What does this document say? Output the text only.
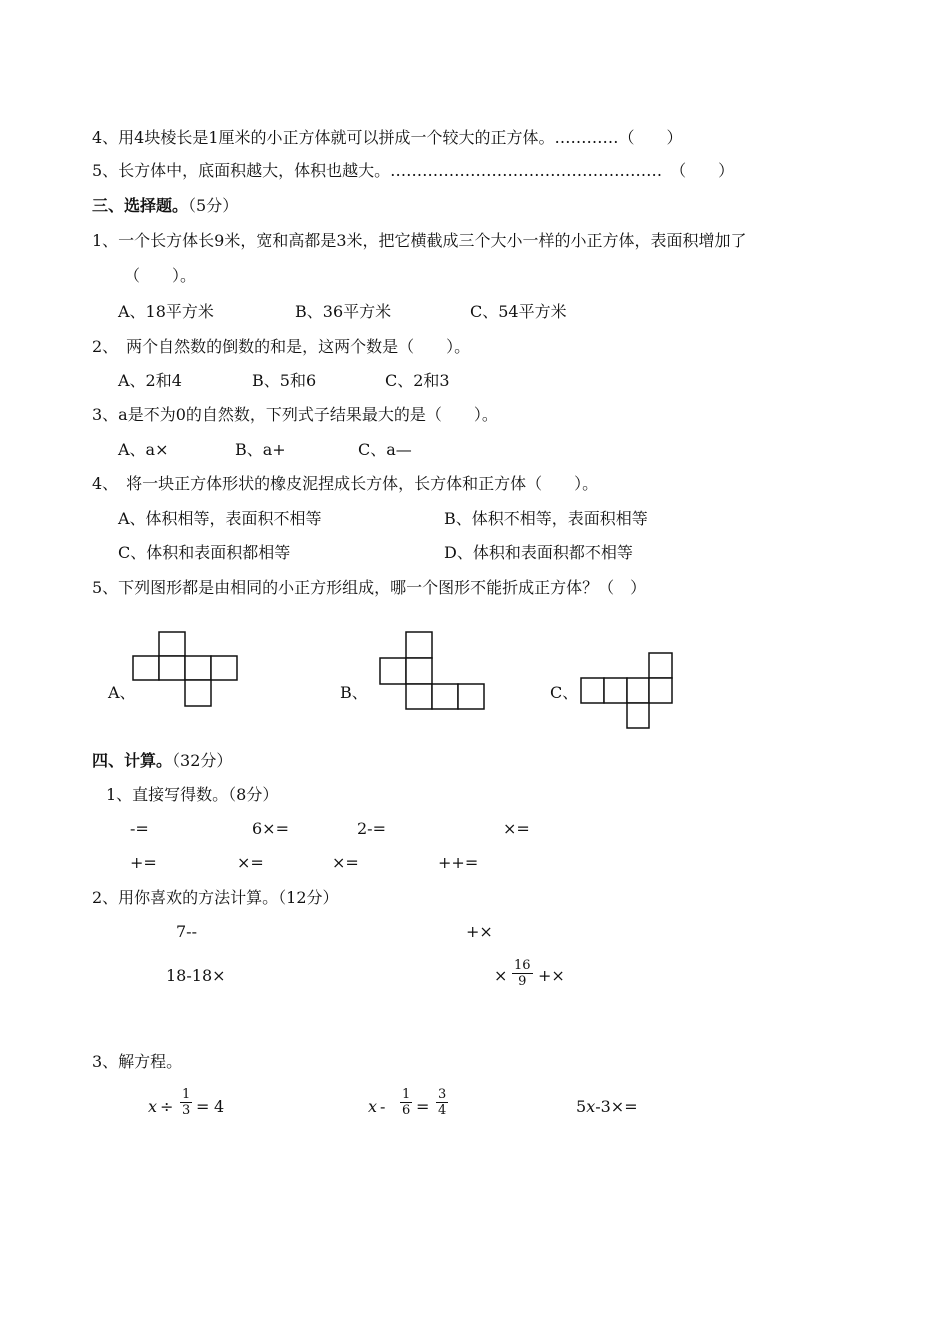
4、用4块棱长是1厘米的小正方体就可以拼成一个较大的正方体。…………（　　）
5、长方体中，底面积越大，体积也越大。……………………………………………　（　　）
三、选择题。（5分）
1、一个长方体长9米，宽和高都是3米，把它横截成三个大小一样的小正方体，表面积增加了
（　　）。
A、18平方米	B、36平方米	C、54平方米
2、　两个自然数的倒数的和是，这两个数是（　　）。
A、2和4	B、5和6	C、2和3
3、a是不为0的自然数，下列式子结果最大的是（　　）。
A、a×	B、a+	C、a—
4、　将一块正方体形状的橡皮泥捏成长方体，长方体和正方体（　　）。
A、体积相等，表面积不相等	B、体积不相等，表面积相等
C、体积和表面积都相等	D、体积和表面积都不相等
5、下列图形都是由相同的小正方形组成，哪一个图形不能折成正方体？（　）
A、	B、	C、
四、计算。（32分）
1、直接写得数。（8分）
-=	6×=	2-=	×=
+=	×=	×=	++=
2、用你喜欢的方法计算。（12分）
7--	+×
18-18×	× $\frac{16}{9}$ +×
3、解方程。
$x \div \frac{1}{3} = 4$	$x - \frac{1}{6} = \frac{3}{4}$	5x-3×=
